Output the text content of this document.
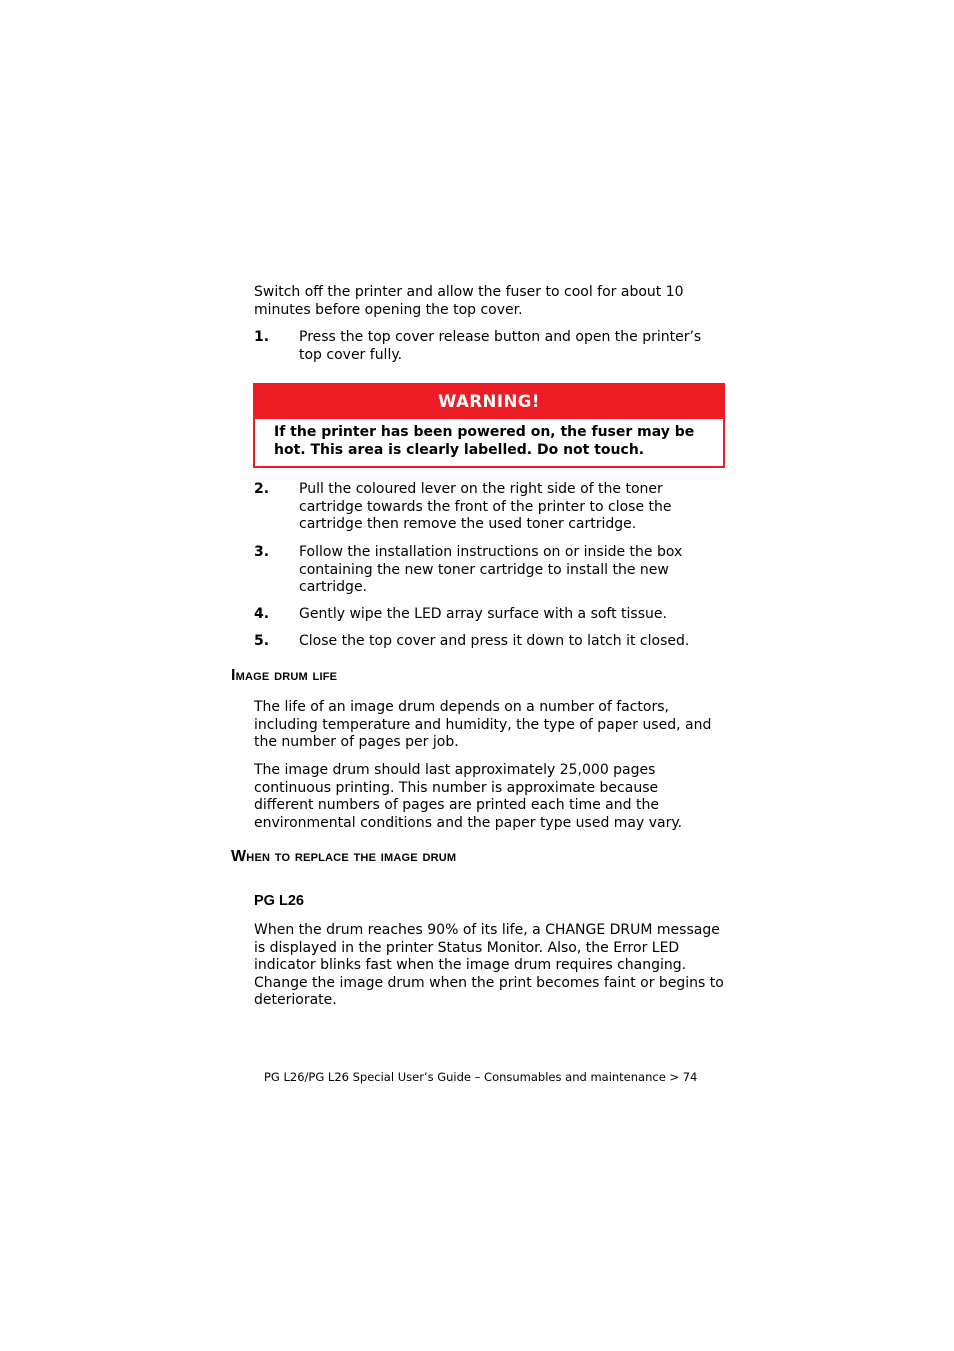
Switch off the printer and allow the fuser to cool for about 10 minutes before opening the top cover.

1. Press the top cover release button and open the printer’s top cover fully.
WARNING!
If the printer has been powered on, the fuser may be hot. This area is clearly labelled. Do not touch.
2. Pull the coloured lever on the right side of the toner cartridge towards the front of the printer to close the cartridge then remove the used toner cartridge.
3. Follow the installation instructions on or inside the box containing the new toner cartridge to install the new cartridge.
4. Gently wipe the LED array surface with a soft tissue.
5. Close the top cover and press it down to latch it closed.
Image drum life

The life of an image drum depends on a number of factors, including temperature and humidity, the type of paper used, and the number of pages per job.

The image drum should last approximately 25,000 pages continuous printing. This number is approximate because different numbers of pages are printed each time and the environmental conditions and the paper type used may vary.

When to replace the image drum
PG L26

When the drum reaches 90% of its life, a CHANGE DRUM message is displayed in the printer Status Monitor. Also, the Error LED indicator blinks fast when the image drum requires changing. Change the image drum when the print becomes faint or begins to deteriorate.

PG L26/PG L26 Special User’s Guide – Consumables and maintenance > 74
